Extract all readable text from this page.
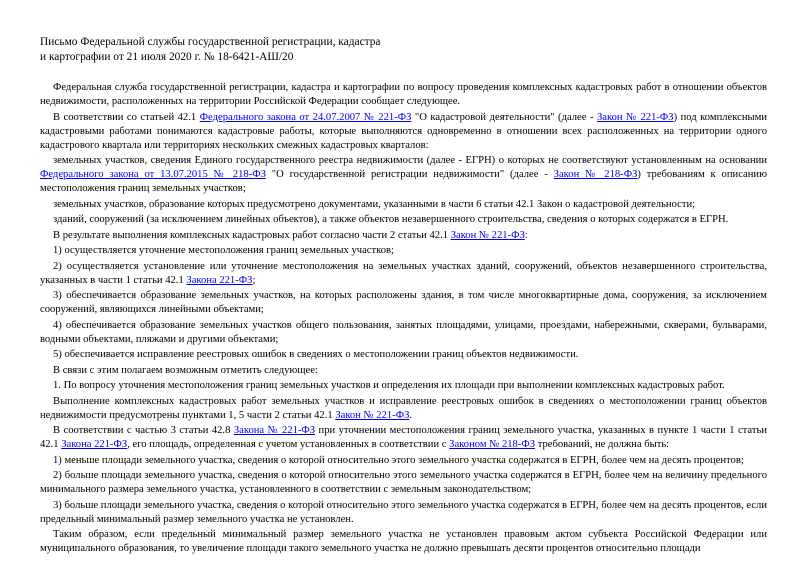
Письмо Федеральной службы государственной регистрации, кадастра
и картографии от 21 июля 2020 г. № 18-6421-АШ/20

Федеральная служба государственной регистрации, кадастра и картографии по вопросу проведения комплексных кадастровых работ в отношении объектов недвижимости, расположенных на территории Российской Федерации сообщает следующее.

В соответствии со статьей 42.1 Федерального закона от 24.07.2007 № 221-ФЗ "О кадастровой деятельности" (далее - Закон № 221-ФЗ) под комплексными кадастровыми работами понимаются кадастровые работы, которые выполняются одновременно в отношении всех расположенных на территории одного кадастрового квартала или территориях нескольких смежных кадастровых кварталов:

земельных участков, сведения Единого государственного реестра недвижимости (далее - ЕГРН) о которых не соответствуют установленным на основании Федерального закона от 13.07.2015 № 218-ФЗ "О государственной регистрации недвижимости" (далее - Закон № 218-ФЗ) требованиям к описанию местоположения границ земельных участков;

земельных участков, образование которых предусмотрено документами, указанными в части 6 статьи 42.1 Закон о кадастровой деятельности;

зданий, сооружений (за исключением линейных объектов), а также объектов незавершенного строительства, сведения о которых содержатся в ЕГРН.

В результате выполнения комплексных кадастровых работ согласно части 2 статьи 42.1 Закон № 221-ФЗ:

1) осуществляется уточнение местоположения границ земельных участков;

2) осуществляется установление или уточнение местоположения на земельных участках зданий, сооружений, объектов незавершенного строительства, указанных в части 1 статьи 42.1 Закона 221-ФЗ;

3) обеспечивается образование земельных участков, на которых расположены здания, в том числе многоквартирные дома, сооружения, за исключением сооружений, являющихся линейными объектами;

4) обеспечивается образование земельных участков общего пользования, занятых площадями, улицами, проездами, набережными, скверами, бульварами, водными объектами, пляжами и другими объектами;

5) обеспечивается исправление реестровых ошибок в сведениях о местоположении границ объектов недвижимости.

В связи с этим полагаем возможным отметить следующее:

1. По вопросу уточнения местоположения границ земельных участков и определения их площади при выполнении комплексных кадастровых работ.

Выполнение комплексных кадастровых работ земельных участков и исправление реестровых ошибок в сведениях о местоположении границ объектов недвижимости предусмотрены пунктами 1, 5 части 2 статьи 42.1 Закон № 221-ФЗ.

В соответствии с частью 3 статьи 42.8 Закона № 221-ФЗ при уточнении местоположения границ земельного участка, указанных в пункте 1 части 1 статьи 42.1 Закона 221-ФЗ, его площадь, определенная с учетом установленных в соответствии с Законом № 218-ФЗ требований, не должна быть:

1) меньше площади земельного участка, сведения о которой относительно этого земельного участка содержатся в ЕГРН, более чем на десять процентов;

2) больше площади земельного участка, сведения о которой относительно этого земельного участка содержатся в ЕГРН, более чем на величину предельного минимального размера земельного участка, установленного в соответствии с земельным законодательством;

3) больше площади земельного участка, сведения о которой относительно этого земельного участка содержатся в ЕГРН, более чем на десять процентов, если предельный минимальный размер земельного участка не установлен.

Таким образом, если предельный минимальный размер земельного участка не установлен правовым актом субъекта Российской Федерации или муниципального образования, то увеличение площади такого земельного участка не должно превышать десяти процентов относительно площади
